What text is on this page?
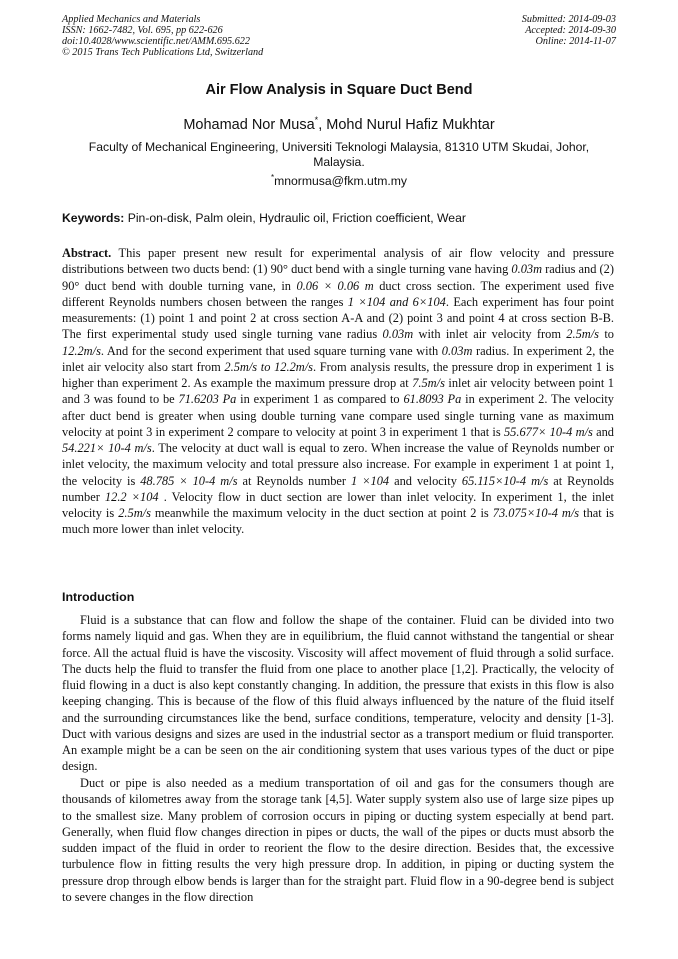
Applied Mechanics and Materials
ISSN: 1662-7482, Vol. 695, pp 622-626
doi:10.4028/www.scientific.net/AMM.695.622
© 2015 Trans Tech Publications Ltd, Switzerland
Submitted: 2014-09-03
Accepted: 2014-09-30
Online: 2014-11-07
Air Flow Analysis in Square Duct Bend
Mohamad Nor Musa*, Mohd Nurul Hafiz Mukhtar
Faculty of Mechanical Engineering, Universiti Teknologi Malaysia, 81310 UTM Skudai, Johor, Malaysia.
*mnormusa@fkm.utm.my
Keywords: Pin-on-disk, Palm olein, Hydraulic oil, Friction coefficient, Wear

Abstract. This paper present new result for experimental analysis of air flow velocity and pressure distributions between two ducts bend: (1) 90° duct bend with a single turning vane having 0.03m radius and (2) 90° duct bend with double turning vane, in 0.06 × 0.06 m duct cross section. The experiment used five different Reynolds numbers chosen between the ranges 1 ×104 and 6×104. Each experiment has four point measurements: (1) point 1 and point 2 at cross section A-A and (2) point 3 and point 4 at cross section B-B. The first experimental study used single turning vane radius 0.03m with inlet air velocity from 2.5m/s to 12.2m/s. And for the second experiment that used square turning vane with 0.03m radius. In experiment 2, the inlet air velocity also start from 2.5m/s to 12.2m/s. From analysis results, the pressure drop in experiment 1 is higher than experiment 2. As example the maximum pressure drop at 7.5m/s inlet air velocity between point 1 and 3 was found to be 71.6203 Pa in experiment 1 as compared to 61.8093 Pa in experiment 2. The velocity after duct bend is greater when using double turning vane compare used single turning vane as maximum velocity at point 3 in experiment 2 compare to velocity at point 3 in experiment 1 that is 55.677× 10-4 m/s and 54.221× 10-4 m/s. The velocity at duct wall is equal to zero. When increase the value of Reynolds number or inlet velocity, the maximum velocity and total pressure also increase. For example in experiment 1 at point 1, the velocity is 48.785 × 10-4 m/s at Reynolds number 1 ×104 and velocity 65.115×10-4 m/s at Reynolds number 12.2 ×104 . Velocity flow in duct section are lower than inlet velocity. In experiment 1, the inlet velocity is 2.5m/s meanwhile the maximum velocity in the duct section at point 2 is 73.075×10-4 m/s that is much more lower than inlet velocity.

Introduction

Fluid is a substance that can flow and follow the shape of the container. Fluid can be divided into two forms namely liquid and gas. When they are in equilibrium, the fluid cannot withstand the tangential or shear force. All the actual fluid is have the viscosity. Viscosity will affect movement of fluid through a solid surface. The ducts help the fluid to transfer the fluid from one place to another place [1,2]. Practically, the velocity of fluid flowing in a duct is also kept constantly changing. In addition, the pressure that exists in this flow is also keeping changing. This is because of the flow of this fluid always influenced by the nature of the fluid itself and the surrounding circumstances like the bend, surface conditions, temperature, velocity and density [1-3]. Duct with various designs and sizes are used in the industrial sector as a transport medium or fluid transporter. An example might be a can be seen on the air conditioning system that uses various types of the duct or pipe design.

Duct or pipe is also needed as a medium transportation of oil and gas for the consumers though are thousands of kilometres away from the storage tank [4,5]. Water supply system also use of large size pipes up to the smallest size. Many problem of corrosion occurs in piping or ducting system especially at bend part. Generally, when fluid flow changes direction in pipes or ducts, the wall of the pipes or ducts must absorb the sudden impact of the fluid in order to reorient the flow to the desire direction. Besides that, the excessive turbulence flow in fitting results the very high pressure drop. In addition, in piping or ducting system the pressure drop through elbow bends is larger than for the straight part. Fluid flow in a 90-degree bend is subject to severe changes in the flow direction
